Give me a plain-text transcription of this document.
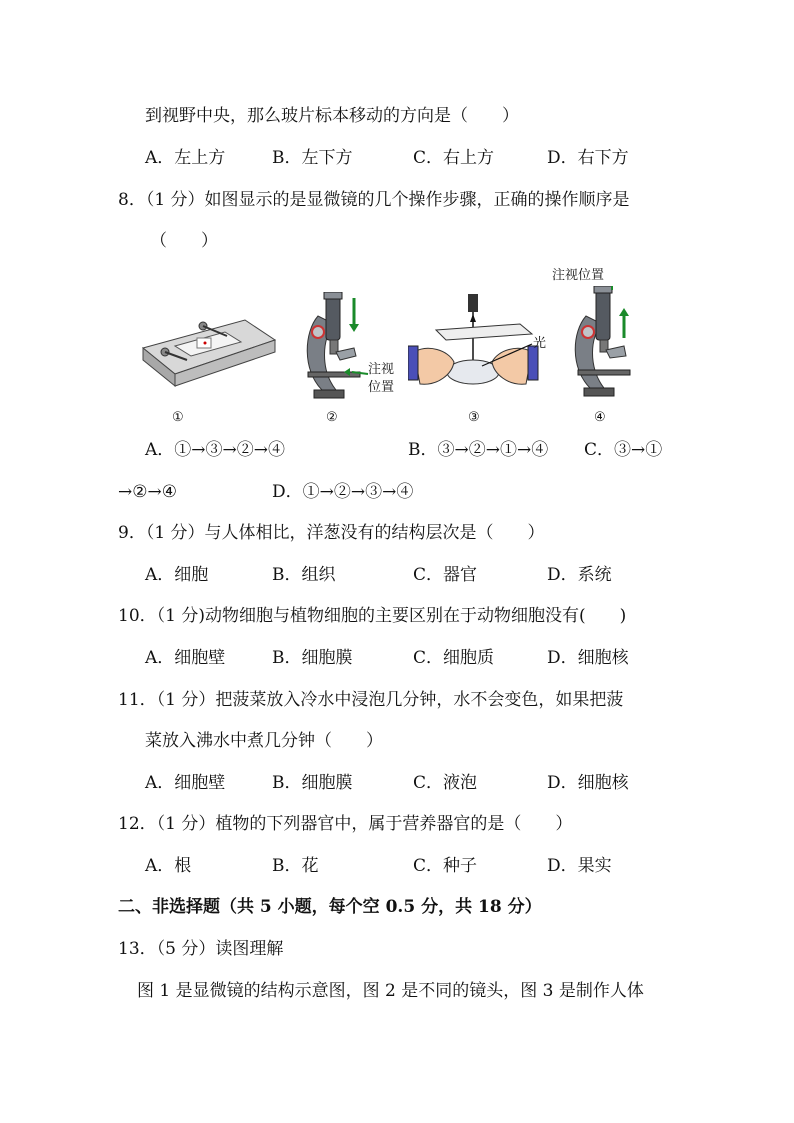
到视野中央，那么玻片标本移动的方向是（　　）
A．左上方	B．左下方	C．右上方	D．右下方
8．（1 分）如图显示的是显微镜的几个操作步骤，正确的操作顺序是
（　　）
①
注视
位置
②
光
③
注视位置
④
A．①→③→②→④	B．③→②→①→④ C．③→①
→②→④	D．①→②→③→④
9．（1 分）与人体相比，洋葱没有的结构层次是（　　）
A．细胞	B．组织	C．器官	D．系统
10．（1 分)动物细胞与植物细胞的主要区别在于动物细胞没有(　　)
A．细胞壁	B．细胞膜	C．细胞质	D．细胞核
11．（1 分）把菠菜放入冷水中浸泡几分钟，水不会变色，如果把菠
菜放入沸水中煮几分钟（　　）
A．细胞壁	B．细胞膜	C．液泡	D．细胞核
12．（1 分）植物的下列器官中，属于营养器官的是（　　）
A．根	B．花	C．种子	D．果实
二、非选择题（共 5 小题，每个空 0.5 分，共 18 分）
13．（5 分）读图理解
图 1 是显微镜的结构示意图，图 2 是不同的镜头，图 3 是制作人体
